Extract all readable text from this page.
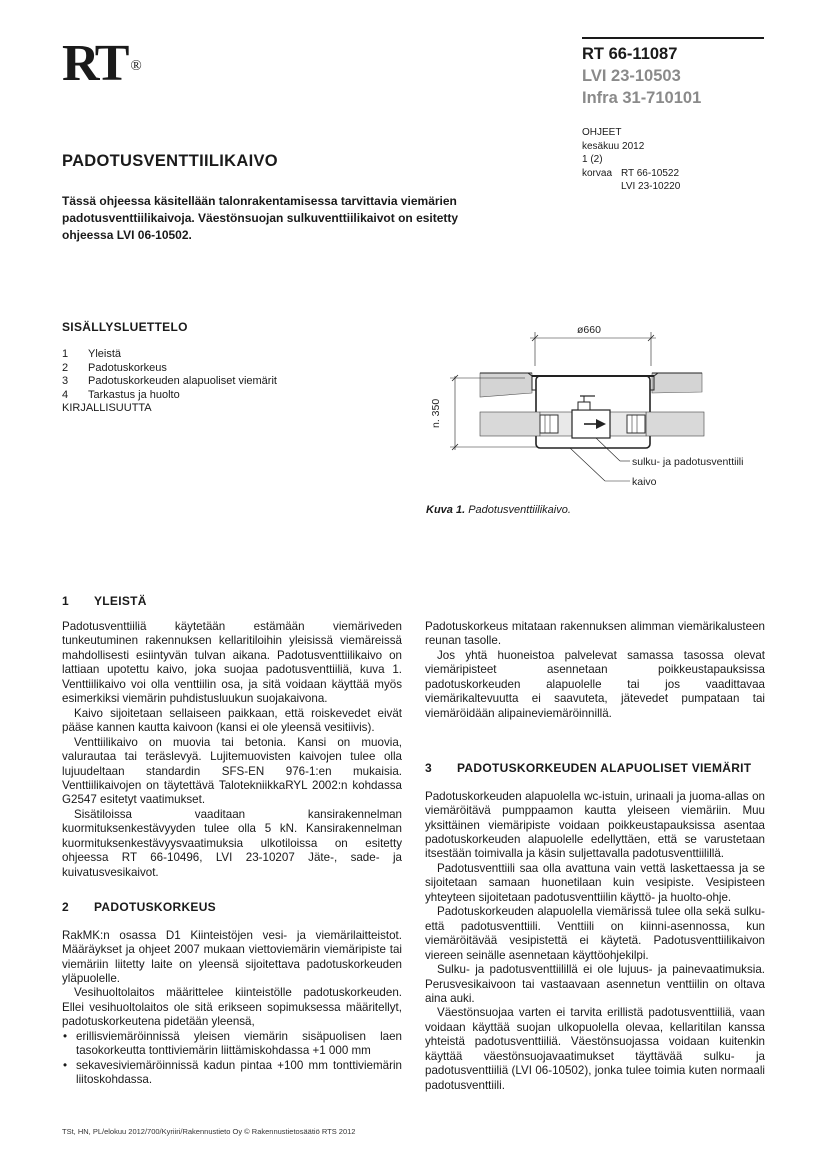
RT ®
RT 66-11087
LVI 23-10503
Infra 31-710101
OHJEET
kesäkuu 2012
1 (2)
korvaa RT 66-10522
LVI 23-10220
PADOTUSVENTTIILIKAIVO
Tässä ohjeessa käsitellään talonrakentamisessa tarvittavia viemärien padotusventtiilikaivoja. Väestönsuojan sulkuventtiilikaivot on esitetty ohjeessa LVI 06-10502.
SISÄLLYSLUETTELO
1 Yleistä
2 Padotuskorkeus
3 Padotuskorkeuden alapuoliset viemärit
4 Tarkastus ja huolto
KIRJALLISUUTTA
ø660
n. 350
sulku- ja padotusventtiili
kaivo
Kuva 1. Padotusventtiilikaivo.
1 YLEISTÄ

Padotusventtiiliä käytetään estämään viemäriveden tunkeutuminen rakennuksen kellaritiloihin yleisissä viemäreissä mahdollisesti esiintyvän tulvan aikana. Padotusventtiilikaivo on lattiaan upotettu kaivo, joka suojaa padotusventtiiliä, kuva 1. Venttiilikaivo voi olla venttiilin osa, ja sitä voidaan käyttää myös esimerkiksi viemärin puhdistusluukun suojakaivona.

Kaivo sijoitetaan sellaiseen paikkaan, että roiskevedet eivät pääse kannen kautta kaivoon (kansi ei ole yleensä vesitiivis).

Venttiilikaivo on muovia tai betonia. Kansi on muovia, valurautaa tai teräslevyä. Lujitemuovisten kaivojen tulee olla lujuudeltaan standardin SFS-EN 976-1:en mukaisia. Venttiilikaivojen on täytettävä TalotekniikkaRYL 2002:n kohdassa G2547 esitetyt vaatimukset.

Sisätiloissa vaaditaan kansirakennelman kuormituksenkestävyyden tulee olla 5 kN. Kansirakennelman kuormituksenkestävyysvaatimuksia ulkotiloissa on esitetty ohjeessa RT 66-10496, LVI 23-10207 Jäte-, sade- ja kuivatusvesikaivot.

2 PADOTUSKORKEUS

RakMK:n osassa D1 Kiinteistöjen vesi- ja viemärilaitteistot. Määräykset ja ohjeet 2007 mukaan viettoviemärin viemäripiste tai viemäriin liitetty laite on yleensä sijoitettava padotuskorkeuden yläpuolelle.

Vesihuoltolaitos määrittelee kiinteistölle padotuskorkeuden. Ellei vesihuoltolaitos ole sitä erikseen sopimuksessa määritellyt, padotuskorkeutena pidetään yleensä,

• erillisviemäröinnissä yleisen viemärin sisäpuolisen laen tasokorkeutta tonttiviemärin liittämiskohdassa +1 000 mm
• sekavesiviemäröinnissä kadun pintaa +100 mm tonttiviemärin liitoskohdassa.

Padotuskorkeus mitataan rakennuksen alimman viemärikalusteen reunan tasolle.

Jos yhtä huoneistoa palvelevat samassa tasossa olevat viemäripisteet asennetaan poikkeustapauksissa padotuskorkeuden alapuolelle tai jos vaadittavaa viemärikaltevuutta ei saavuteta, jätevedet pumpataan tai viemäröidään alipaineviemäröinnillä.

3 PADOTUSKORKEUDEN ALAPUOLISET VIEMÄRIT

Padotuskorkeuden alapuolella wc-istuin, urinaali ja juoma-allas on viemäröitävä pumppaamon kautta yleiseen viemäriin. Muu yksittäinen viemäripiste voidaan poikkeustapauksissa asentaa padotuskorkeuden alapuolelle edellyttäen, että se varustetaan itsestään toimivalla ja käsin suljettavalla padotusventtiilillä.

Padotusventtiili saa olla avattuna vain vettä laskettaessa ja se sijoitetaan samaan huonetilaan kuin vesipiste. Vesipisteen yhteyteen sijoitetaan padotusventtiilin käyttö- ja huolto-ohje.

Padotuskorkeuden alapuolella viemärissä tulee olla sekä sulku- että padotusventtiili. Venttiili on kiinni-asennossa, kun viemäröitävää vesipistettä ei käytetä. Padotusventtiilikaivon viereen seinälle asennetaan käyttöohjekilpi.

Sulku- ja padotusventtiilillä ei ole lujuus- ja painevaatimuksia. Perusvesikaivoon tai vastaavaan asennetun venttiilin on oltava aina auki.

Väestönsuojaa varten ei tarvita erillistä padotusventtiiliä, vaan voidaan käyttää suojan ulkopuolella olevaa, kellaritilan kanssa yhteistä padotusventtiiliä. Väestönsuojassa voidaan kuitenkin käyttää väestönsuojavaatimukset täyttävää sulku- ja padotusventtiiliä (LVI 06-10502), jonka tulee toimia kuten normaali padotusventtiili.

TSt, HN, PL/elokuu 2012/700/Kyriiri/Rakennustieto Oy © Rakennustietosäätiö RTS 2012
